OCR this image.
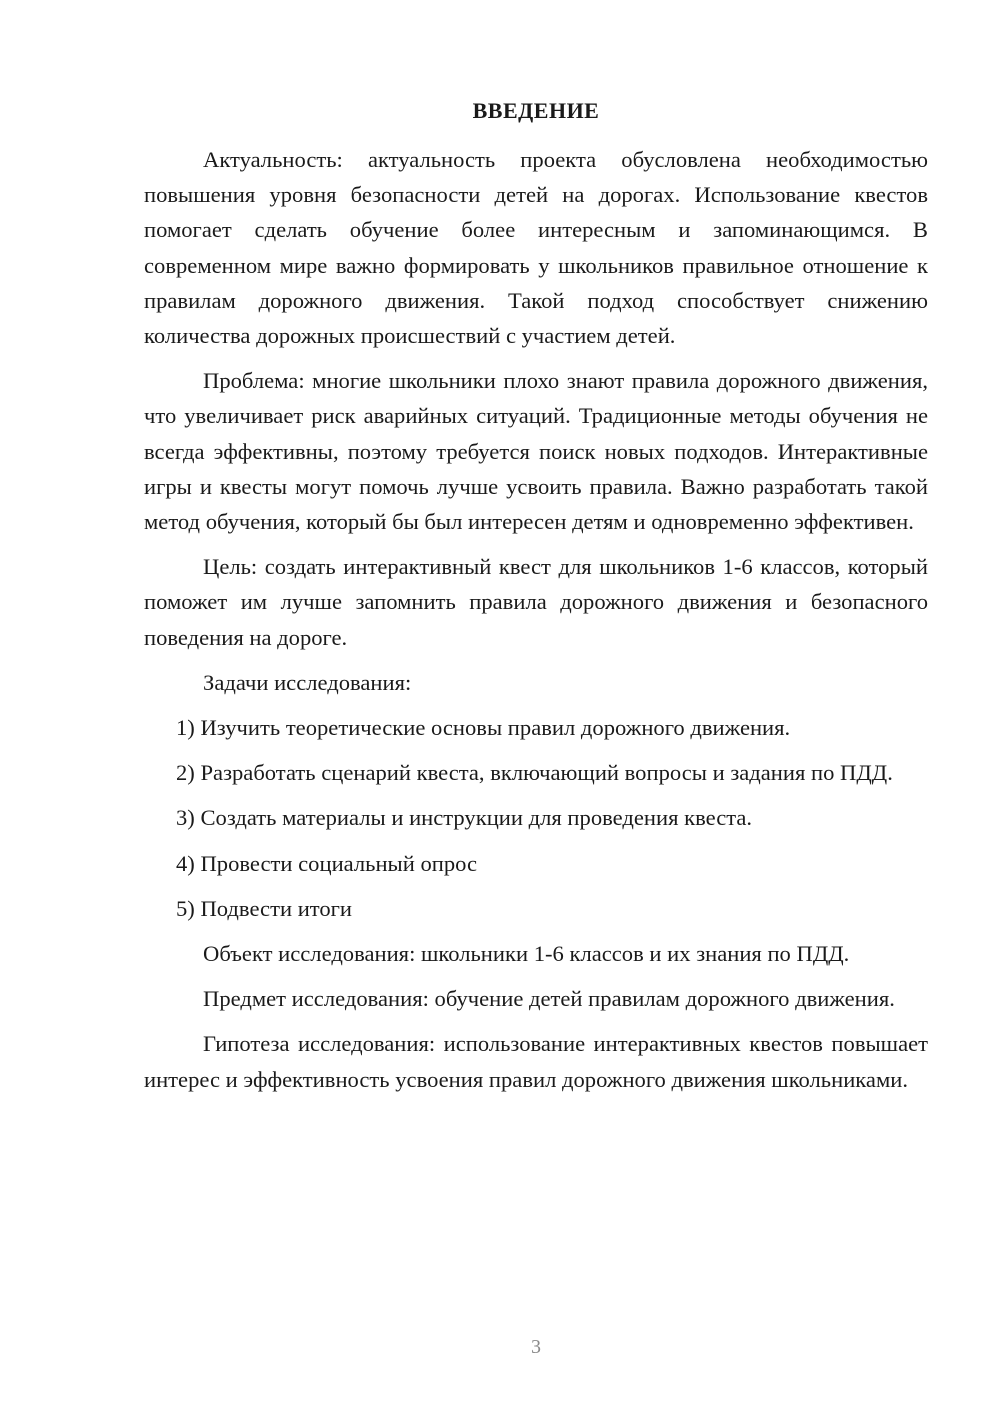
ВВЕДЕНИЕ

Актуальность: актуальность проекта обусловлена необходимостью повышения уровня безопасности детей на дорогах. Использование квестов помогает сделать обучение более интересным и запоминающимся. В современном мире важно формировать у школьников правильное отношение к правилам дорожного движения. Такой подход способствует снижению количества дорожных происшествий с участием детей.

Проблема: многие школьники плохо знают правила дорожного движения, что увеличивает риск аварийных ситуаций. Традиционные методы обучения не всегда эффективны, поэтому требуется поиск новых подходов. Интерактивные игры и квесты могут помочь лучше усвоить правила. Важно разработать такой метод обучения, который бы был интересен детям и одновременно эффективен.

Цель: создать интерактивный квест для школьников 1-6 классов, который поможет им лучше запомнить правила дорожного движения и безопасного поведения на дороге.

Задачи исследования:

1) Изучить теоретические основы правил дорожного движения.

2) Разработать сценарий квеста, включающий вопросы и задания по ПДД.

3) Создать материалы и инструкции для проведения квеста.

4) Провести социальный опрос

5) Подвести итоги

Объект исследования: школьники 1-6 классов и их знания по ПДД.

Предмет исследования: обучение детей правилам дорожного движения.

Гипотеза исследования: использование интерактивных квестов повышает интерес и эффективность усвоения правил дорожного движения школьниками.

3
